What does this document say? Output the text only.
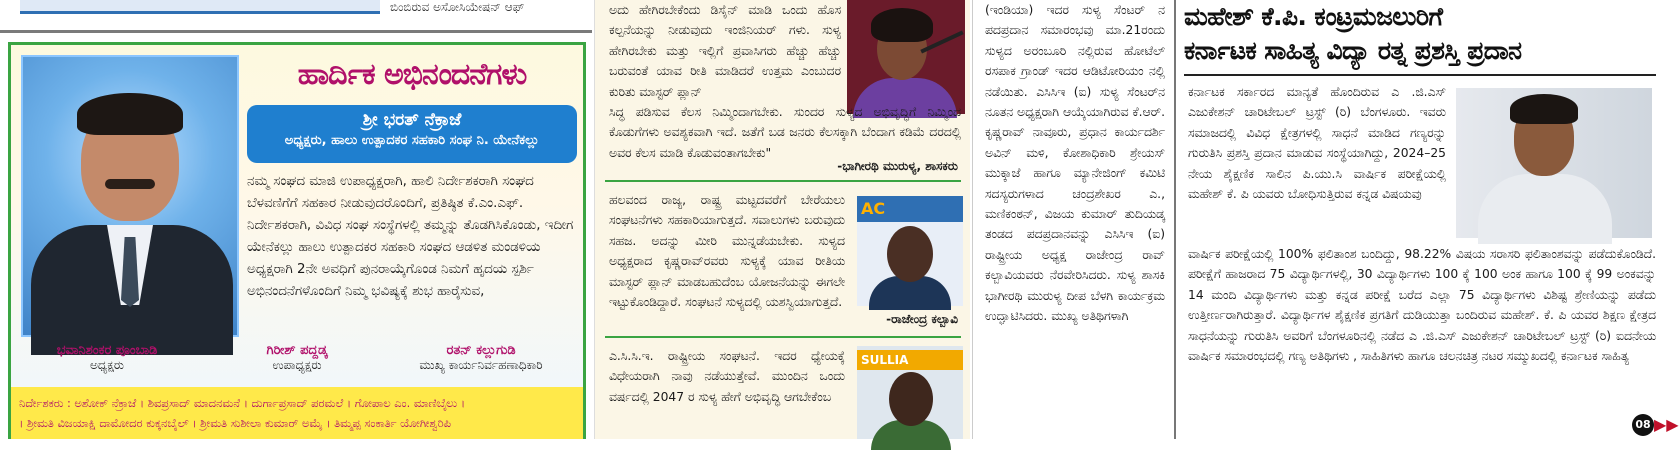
ಬಿಂಬಿರುವ ಅಸೋಸಿಯೇಷನ್ ಆಫ್
ಹಾರ್ದಿಕ ಅಭಿನಂದನೆಗಳು
ಶ್ರೀ ಭರತ್ ನೆಕ್ರಾಜೆ
ಅಧ್ಯಕ್ಷರು, ಹಾಲು ಉತ್ಪಾದಕರ ಸಹಕಾರಿ ಸಂಘ ನಿ. ಯೇನೆಕಲ್ಲು
ನಮ್ಮ ಸಂಘದ ಮಾಜಿ ಉಪಾಧ್ಯಕ್ಷರಾಗಿ, ಹಾಲಿ ನಿರ್ದೇಶಕರಾಗಿ ಸಂಘದ ಬೆಳವಣಿಗೆಗೆ ಸಹಕಾರ ನೀಡುವುದರೊಂದಿಗೆ, ಪ್ರತಿಷ್ಠಿತ ಕೆ.ಎಂ.ಎಫ್. ನಿರ್ದೇಶಕರಾಗಿ, ವಿವಿಧ ಸಂಘ ಸಂಸ್ಥೆಗಳಲ್ಲಿ ತಮ್ಮನ್ನು ತೊಡಗಿಸಿಕೊಂಡು, ಇದೀಗ ಯೇನೆಕಲ್ಲು ಹಾಲು ಉತ್ಪಾದಕರ ಸಹಕಾರಿ ಸಂಘದ ಆಡಳಿತ ಮಂಡಳಿಯ ಅಧ್ಯಕ್ಷರಾಗಿ 2ನೇ ಅವಧಿಗೆ ಪುನರಾಯ್ಕೆಗೊಂಡ ನಿಮಗೆ ಹೃದಯ ಸ್ಪರ್ಶಿ ಅಭಿನಂದನೆಗಳೊಂದಿಗೆ ನಿಮ್ಮ ಭವಿಷ್ಯಕ್ಕೆ ಶುಭ ಹಾರೈಸುವ,
ಭವಾನಿಶಂಕರ ಪೂಂಬಾಡಿ
ಅಧ್ಯಕ್ಷರು
ಗಿರೀಶ್ ಪದ್ದಡ್ಕ
ಉಪಾಧ್ಯಕ್ಷರು
ರತನ್ ಕಲ್ಲುಗುಡಿ
ಮುಖ್ಯ ಕಾರ್ಯನಿರ್ವಹಣಾಧಿಕಾರಿ
ನಿರ್ದೇಶಕರು : ಅಶೋಕ್ ನೆಕ್ರಾಜೆ । ಶಿವಪ್ರಸಾದ್ ಮಾದನಮನೆ । ದುರ್ಗಾಪ್ರಸಾದ್ ಪರಮಲೆ । ಗೋಪಾಲ ಎಂ. ಮಾಣಿಬೈಲು ।
। ಶ್ರೀಮತಿ ವಿಜಯಾಕ್ಷಿ ದಾಮೋದರ ಕುಕ್ಕನಬೈಲ್ । ಶ್ರೀಮತಿ ಸುಶೀಲಾ ಕುಮಾರ್ ಅಮೈ । ತಿಮ್ಮಪ್ಪ ಸಂಕಾರ್ತಿ ಯೋಗೀಶ್ವರಿಪಿ
ಅದು ಹೇಗಿರಬೇಕೆಂದು ಡಿಸೈನ್ ಮಾಡಿ ಒಂದು ಹೊಸ ಕಲ್ಪನೆಯನ್ನು ನೀಡುವುದು ಇಂಜಿನಿಯರ್ ಗಳು. ಸುಳ್ಯ ಹೇಗಿರಬೇಕು ಮತ್ತು ಇಲ್ಲಿಗೆ ಪ್ರವಾಸಿಗರು ಹೆಚ್ಚು ಹೆಚ್ಚು ಬರುವಂತೆ ಯಾವ ರೀತಿ ಮಾಡಿದರೆ ಉತ್ತಮ ಎಂಬುದರ ಕುರಿತು ಮಾಸ್ಟರ್ ಪ್ಲಾನ್
ಸಿದ್ಧ ಪಡಿಸುವ ಕೆಲಸ ನಿಮ್ಮಿಂದಾಗಬೇಕು. ಸುಂದರ ಸುಳ್ಯದ ಅಭಿವೃದ್ಧಿಗೆ ನಿಮ್ಮಿಂದ ಕೊಡುಗೆಗಳು ಅವಶ್ಯಕವಾಗಿ ಇದೆ. ಜತೆಗೆ ಬಡ ಜನರು ಕೆಲಸಕ್ಕಾಗಿ ಬೆಂದಾಗ ಕಡಿಮೆ ದರದಲ್ಲಿ ಅವರ ಕೆಲಸ ಮಾಡಿ ಕೊಡುವಂತಾಗಬೇಕು"
-ಭಾಗೀರಥಿ ಮುರುಳ್ಯ, ಶಾಸಕರು
ಹಲವಂದ ರಾಜ್ಯ, ರಾಷ್ಟ್ರ ಮಟ್ಟದವರೆಗೆ ಬೇರೆಯಲು ಸಂಘಟನೆಗಳು ಸಹಕಾರಿಯಾಗುತ್ತದೆ. ಸವಾಲುಗಳು ಬರುವುದು ಸಹಜ. ಅದನ್ನು ಮೀರಿ ಮುನ್ನಡೆಯಬೇಕು. ಸುಳ್ಯದ ಅಧ್ಯಕ್ಷರಾದ ಕೃಷ್ಣರಾವ್‌ರವರು ಸುಳ್ಯಕ್ಕೆ ಯಾವ ರೀತಿಯ ಮಾಸ್ಟರ್ ಪ್ಲಾನ್ ಮಾಡಬಹುದೆಂಬ ಯೋಜನೆಯನ್ನು ಈಗಲೇ ಇಟ್ಟುಕೊಂಡಿದ್ದಾರೆ. ಸಂಘಟನೆ ಸುಳ್ಯದಲ್ಲಿ ಯಶಸ್ವಿಯಾಗುತ್ತದೆ.
AC
-ರಾಜೇಂದ್ರ ಕಲ್ಬಾವಿ
ಎ.ಸಿ.ಸಿ.ಇ. ರಾಷ್ಟ್ರೀಯ ಸಂಘಟನೆ. ಇದರ ಧ್ಯೇಯಕ್ಕೆ ವಿಧೇಯರಾಗಿ ನಾವು ನಡೆಯುತ್ತೇವೆ. ಮುಂದಿನ ಒಂದು ವರ್ಷದಲ್ಲಿ 2047 ರ ಸುಳ್ಯ ಹೇಗೆ ಅಭಿವೃದ್ಧಿ ಆಗಬೇಕೆಂಬ
SULLIA
(ಇಂಡಿಯಾ) ಇದರ ಸುಳ್ಯ ಸೆಂಟರ್ ನ ಪದಪ್ರದಾನ ಸಮಾರಂಭವು ಮಾ.21ರಂದು ಸುಳ್ಯದ ಅರಂಬೂರಿ ನಲ್ಲಿರುವ ಹೋಟೆಲ್ ರಸಪಾಕ ಗ್ರಾಂಡ್ ಇದರ ಆಡಿಟೋರಿಯಂ ನಲ್ಲಿ ನಡೆಯಿತು. ಎಸಿಸಿಇ (ಐ) ಸುಳ್ಯ ಸೆಂಟರ್‌ನ ನೂತನ ಅಧ್ಯಕ್ಷರಾಗಿ ಆಯ್ಕೆಯಾಗಿರುವ ಕೆ.ಆರ್. ಕೃಷ್ಣರಾವ್ ನಾವೂರು, ಪ್ರಧಾನ ಕಾರ್ಯದರ್ಶಿ ಅವಿನ್ ಮಳಿ, ಕೋಶಾಧಿಕಾರಿ ಶ್ರೇಯಸ್ ಮುಕ್ಕಾಜೆ ಹಾಗೂ ಮ್ಯಾನೇಜಿಂಗ್ ಕಮಿಟಿ ಸದಸ್ಯರುಗಳಾದ ಚಂದ್ರಶೇಖರ ಎ., ಮಣಿಕಂಠನ್, ವಿಜಯ ಕುಮಾರ್ ತುದಿಯಡ್ಕ ತಂಡದ ಪದಪ್ರದಾನವನ್ನು ಎಸಿಸಿಇ (ಐ) ರಾಷ್ಟ್ರೀಯ ಅಧ್ಯಕ್ಷ ರಾಜೇಂದ್ರ ರಾವ್ ಕಲ್ಬಾವಿಯವರು ನೆರವೇರಿಸಿದರು. ಸುಳ್ಯ ಶಾಸಕಿ ಭಾಗೀರಥಿ ಮುರುಳ್ಯ ದೀಪ ಬೆಳಗಿ ಕಾರ್ಯಕ್ರಮ ಉದ್ಘಾಟಿಸಿದರು. ಮುಖ್ಯ ಅತಿಥಿಗಳಾಗಿ
ಮಹೇಶ್ ಕೆ.ಪಿ. ಕಂಟ್ರಮಜಲುರಿಗೆ
ಕರ್ನಾಟಕ ಸಾಹಿತ್ಯ ವಿದ್ಯಾ ರತ್ನ ಪ್ರಶಸ್ತಿ ಪ್ರದಾನ
ಕರ್ನಾಟಕ ಸರ್ಕಾರದ ಮಾನ್ಯತೆ ಹೊಂದಿರುವ ಎ .ಜಿ.ಎಸ್ ಎಜುಕೇಶನ್ ಚಾರಿಟೇಬಲ್ ಟ್ರಸ್ಟ್ (ರಿ) ಬೆಂಗಳೂರು. ಇವರು ಸಮಾಜದಲ್ಲಿ ವಿವಿಧ ಕ್ಷೇತ್ರಗಳಲ್ಲಿ ಸಾಧನೆ ಮಾಡಿದ ಗಣ್ಯರನ್ನು ಗುರುತಿಸಿ ಪ್ರಶಸ್ತಿ ಪ್ರದಾನ ಮಾಡುವ ಸಂಸ್ಥೆಯಾಗಿದ್ದು, 2024–25 ನೇಯ ಶೈಕ್ಷಣಿಕ ಸಾಲಿನ ಪಿ.ಯು.ಸಿ ವಾರ್ಷಿಕ ಪರೀಕ್ಷೆಯಲ್ಲಿ ಮಹೇಶ್ ಕೆ. ಪಿ ಯವರು ಬೋಧಿಸುತ್ತಿರುವ ಕನ್ನಡ ವಿಷಯವು
ವಾರ್ಷಿಕ ಪರೀಕ್ಷೆಯಲ್ಲಿ 100% ಫಲಿತಾಂಶ ಬಂದಿದ್ದು, 98.22% ವಿಷಯ ಸರಾಸರಿ ಫಲಿತಾಂಶವನ್ನು ಪಡೆದುಕೊಂಡಿದೆ. ಪರೀಕ್ಷೆಗೆ ಹಾಜರಾದ 75 ವಿದ್ಯಾರ್ಥಿಗಳಲ್ಲಿ, 30 ವಿದ್ಯಾರ್ಥಿಗಳು 100 ಕ್ಕೆ 100 ಅಂಕ ಹಾಗೂ 100 ಕ್ಕೆ 99 ಅಂಕವನ್ನು 14 ಮಂದಿ ವಿದ್ಯಾರ್ಥಿಗಳು ಮತ್ತು ಕನ್ನಡ ಪರೀಕ್ಷೆ ಬರೆದ ಎಲ್ಲಾ 75 ವಿದ್ಯಾರ್ಥಿಗಳು ವಿಶಿಷ್ಟ ಶ್ರೇಣಿಯನ್ನು ಪಡೆದು ಉತ್ತೀರ್ಣರಾಗಿರುತ್ತಾರೆ. ವಿದ್ಯಾರ್ಥಿಗಳ ಶೈಕ್ಷಣಿಕ ಪ್ರಗತಿಗೆ ದುಡಿಯುತ್ತಾ ಬಂದಿರುವ ಮಹೇಶ್. ಕೆ. ಪಿ ಯವರ ಶಿಕ್ಷಣ ಕ್ಷೇತ್ರದ ಸಾಧನೆಯನ್ನು ಗುರುತಿಸಿ ಅವರಿಗೆ ಬೆಂಗಳೂರಿನಲ್ಲಿ ನಡೆದ ಎ .ಜಿ.ಎಸ್ ಎಜುಕೇಶನ್ ಚಾರಿಟೇಬಲ್ ಟ್ರಸ್ಟ್ (ರಿ) ಐದನೇಯ ವಾರ್ಷಿಕ ಸಮಾರಂಭದಲ್ಲಿ ಗಣ್ಯ ಅತಿಥಿಗಳು , ಸಾಹಿತಿಗಳು ಹಾಗೂ ಚಲನಚಿತ್ರ ನಟರ ಸಮ್ಮುಖದಲ್ಲಿ ಕರ್ನಾಟಕ ಸಾಹಿತ್ಯ
08 ▶▶
